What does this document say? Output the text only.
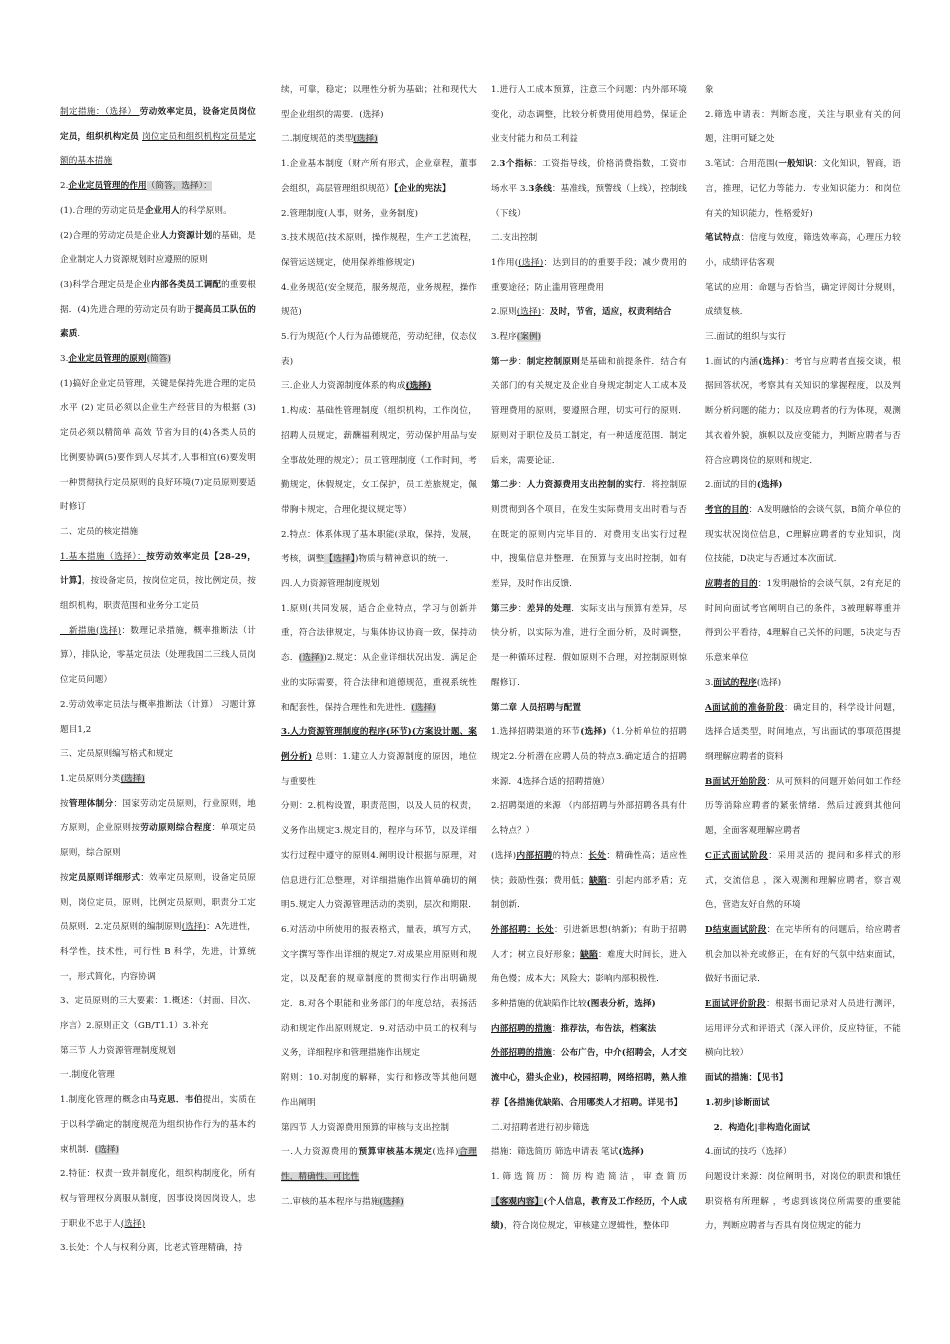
制定措施：（选择） 劳动效率定员，设备定员岗位定员，组织机构定员 岗位定员和组织机构定员是定额的基本措施

2.企业定员管理的作用（简答，选择）：

(1).合理的劳动定员是企业用人的科学原则。

(2)合理的劳动定员是企业人力资源计划的基础，是企业制定人力资源规划时应遵照的原则

(3)科学合理定员是企业内部各类员工调配的重要根据．(4)先进合理的劳动定员有助于提高员工队伍的素质.

3.企业定员管理的原则(简答)

(1)搞好企业定员管理，关键是保持先进合理的定员水平 (2) 定员必须以企业生产经营目的为根据 (3)定员必须以精简单 高效 节省为目的(4)各类人员的比例要协调(5)要作到人尽其才,人事相宜(6)要发明一种贯彻执行定员原则的良好环境(7)定员原则要适时修订

二、定员的核定措施

1.基本措施（选择）：按劳动效率定员【28-29，计算】，按设备定员，按岗位定员，按比例定员，按组织机构，职责范围和业务分工定员

　新措施(选择)：数理记录措施，概率推断法（计算），排队论，零基定员法（处理我国二三线人员岗位定员问题）

2.劳动效率定员法与概率推断法（计算） 习题计算题目1,2

三、定员原则编写格式和规定

1.定员原则分类(选择)

按管理体制分：国家劳动定员原则，行业原则，地方原则，企业原则按劳动原则综合程度：单项定员原则，综合原则

按定员原则详细形式：效率定员原则，设备定员原则，岗位定员，原则，比例定员原则，职责分工定员原则．2.定员原则的编制原则(选择)：A先进性，科学性，技术性，可行性 B 科学，先进，计算统一，形式简化，内容协调

3、定员原则的三大要素：1.概述：（封面、目次、序言）2.原则正文（GB/T1.1）3.补充

第三节 人力资源管理制度规划

一.制度化管理

1.制度化管理的概念由马克思．韦伯提出，实质在于以科学确定的制度规范为组织协作行为的基本约束机制．(选择)

2.特征：权责一致并制度化，组织构制度化，所有权与管理权分离服从制度，因事设岗因岗设人，忠于职业不忠于人(选择)

3.长处：个人与权利分离，比老式管理精确，持

续，可靠，稳定；以理性分析为基础；社和现代大型企业组织的需要．(选择)

二.制度规范的类型(选择)

1.企业基本制度（财产所有形式，企业章程，董事会组织，高层管理组织规范）【企业的宪法】

2.管理制度(人事，财务，业务制度)

3.技术规范(技术原则，操作规程，生产工艺流程，保管运送规定，使用保养维修规定)

4.业务规范(安全规范，服务规范，业务规程，操作规范)

5.行为规范(个人行为品德规范，劳动纪律，仪态仪表)

三.企业人力资源制度体系的构成(选择)

1.构成：基础性管理制度（组织机构，工作岗位，招聘人员规定，薪酬福利规定，劳动保护用品与安全事故处理的规定）；员工管理制度（工作时间，考勤规定，休假规定，女工保护，员工差旅规定，佩带胸卡规定，合理化提议规定等）

2.特点：体系体现了基本职能(录取，保持，发展，考核，调整【选择】)物质与精神意识的统一．

四.人力资源管理制度规划

1.原则(共同发展，适合企业特点，学习与创新并重，符合法律规定，与集体协议协商一致，保持动态．(选择))2.规定：从企业详细状况出发．满足企业的实际需要，符合法律和道德规范，重视系统性和配套性，保持合理性和先进性．(选择)

3.人力资源管理制度的程序(环节)(方案设计题、案例分析) 总则：1.建立人力资源制度的原因，地位与重要性

分则：2.机构设置，职责范围，以及人员的权责，义务作出规定3.规定目的，程序与环节，以及详细实行过程中遵守的原则4.阐明设计根据与原理，对信息进行汇总整理，对详细措施作出简单确切的阐明5.规定人力资源管理活动的类别，层次和期限．6.对活动中所使用的报表格式，量表，填写方式，文字撰写等作出详细的规定7.对成果应用原则和规定，以及配套的规章制度的贯彻实行作出明确规定．8.对各个职能和业务部门的年度总结，表扬活动和规定作出原则规定．9.对活动中员工的权利与义务，详细程序和管理措施作出规定

附则：10.对制度的解释，实行和修改等其他问题作出阐明

第四节 人力资源费用预算的审核与支出控制

一.人力资源费用的预算审核基本规定(选择)合理性，精确性，可比性

二.审核的基本程序与措施(选择)

1.进行人工成本预算，注意三个问题：内外部环境变化，动态调整，比较分析费用使用趋势，保证企业支付能力和员工利益

2.3个指标：工资指导线，价格消费指数，工资市场水平 3.3条线：基准线，预警线（上线），控制线（下线）

二.支出控制

1作用((选择)：达到目的的重要手段；减少费用的重要途径；防止滥用管理费用

2.原则(选择)：及时，节省，适应，权责利结合

3.程序(案例)

第一步：制定控制原则是基础和前提条件．结合有关部门的有关规定及企业自身规定制定人工成本及管理费用的原则，要遵照合理，切实可行的原则．原则对于职位及员工制定，有一种适度范围．制定后来，需要论证．

第二步：人力资源费用支出控制的实行．将控制原则贯彻到各个项目，在发生实际费用支出时看与否在既定的原则内完毕目的．对费用支出实行过程中，搜集信息并整理．在预算与支出时控制，如有差异，及时作出反馈．

第三步：差异的处理．实际支出与预算有差异，尽快分析，以实际为准，进行全面分析，及时调整，是一种循环过程．假如原则不合理，对控制原则惊醒修订．

第二章 人员招聘与配置

1.选择招聘渠道的环节(选择)（1.分析单位的招聘规定2.分析潜在应聘人员的特点3.确定适合的招聘来源．4选择合适的招聘措施）

2.招聘渠道的来源 （内部招聘与外部招聘各具有什么特点？）

(选择)内部招聘的特点：长处：精确性高；适应性快；鼓励性强；费用低；缺陷：引起内部矛盾；克制创新．

外部招聘：长处：引进新思想(纳新)；有助于招聘人才；树立良好形象；缺陷：难度大时间长，进入角色慢；成本大；风险大；影响内部积极性．

多种措施的优缺陷作比较(图表分析，选择)

内部招聘的措施：推荐法，布告法，档案法

外部招聘的措施：公布广告，中介(招聘会，人才交流中心，猎头企业)，校园招聘，网络招聘，熟人推荐【各措施优缺陷、合用哪类人才招聘。详见书】

二.对招聘者进行初步筛选

措施：筛选简历 筛选申请表 笔试(选择)

1.筛选简历：简历构造简洁，审查简历【客观内容】(个人信息，教育及工作经历，个人成绩)，符合岗位规定，审核建立逻辑性，整体印

象

2.筛选申请表：判断态度，关注与职业有关的问题，注明可疑之处

3.笔试：合用范围(一般知识：文化知识，智商，语言，推理，记忆力等能力．专业知识能力：和岗位有关的知识能力，性格爱好)

笔试特点：信度与效度，筛选效率高，心理压力较小，成绩评估客观

笔试的应用：命题与否恰当，确定评阅计分规则，成绩复核．

三.面试的组织与实行

1.面试的内涵(选择)：考官与应聘者直接交谈，根据回答状况，考察其有关知识的掌握程度，以及判断分析问题的能力；以及应聘者的行为体现，观测其衣着外貌，旗帜以及应变能力，判断应聘者与否符合应聘岗位的原则和规定．

2.面试的目的(选择)

考官的目的：A发明融恰的会谈气氛，B简介单位的现实状况岗位信息，C理解应聘者的专业知识，岗位技能，D决定与否通过本次面试．

应聘者的目的：1发明融恰的会谈气氛，2有充足的时间向面试考官阐明自己的条件，3被理解尊重并得到公平看待，4理解自己关怀的问题，5决定与否乐意来单位

3.面试的程序(选择)

A面试前的准备阶段：确定目的，科学设计问题，选择合适类型，时间地点，写出面试的事项范围提纲理解应聘者的资料

B面试开始阶段：从可预料的问题开始问如工作经历等消除应聘者的紧张情绪．然后过渡到其他问题，全面客观理解应聘者

C正式面试阶段：采用灵活的 提问和多样式的形式，交流信息 ，深入观测和理解应聘者，察言观色，营造友好自然的环境

D结束面试阶段：在完毕所有的问题后，给应聘者机会加以补充或修正，在有好的气氛中结束面试，做好书面记录．

E面试评价阶段：根据书面记录对人员进行测评，运用评分式和评语式（深入评价，反应特征，不能横向比较）

面试的措施：【见书】

1.初步|诊断面试

　2．构造化|非构造化面试

4.面试的技巧（选择）

问题设计来源：岗位阐明书，对岗位的职责和饿任职资格有所理解 ，考虑到该岗位所需要的重要能力，判断应聘者与否具有岗位规定的能力
